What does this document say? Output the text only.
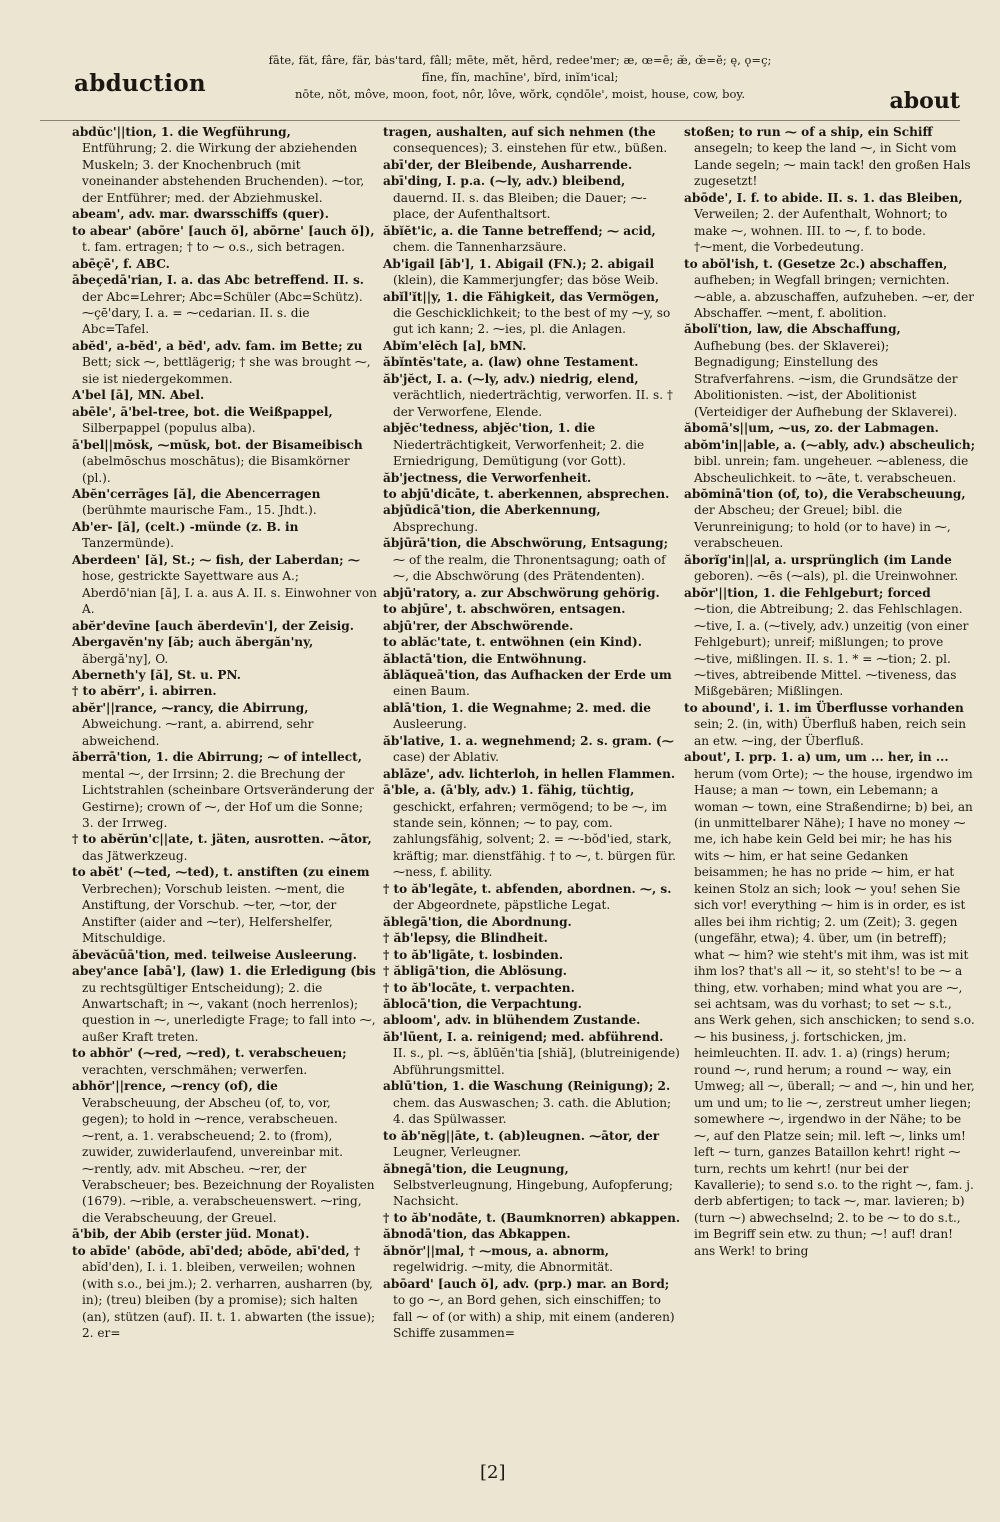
abduction
fāte, făt, fâre, fär, bȧs'tard, fâll; mēte, mĕt, hērd, redee'mer; æ, œ=ē; æ̆, œ̆=ĕ; ę, ǫ=ç;
fīne, fĭn, machīne', bĭrd, inĭm'ical;
nōte, nŏt, môve, moon, foot, nôr, lôve, wŏrk, cǫndōle', moist, house, cow, boy.	about

abdŭc'||tion, 1. die Wegführung, Entführung; 2. die Wirkung der abziehenden Muskeln; 3. der Knochenbruch (mit voneinander abstehenden Bruchenden). ⁓tor, der Entführer; med. der Abziehmuskel.

abeam', adv. mar. dwarsschiffs (quer).

to abear' (abōre' [auch ŏ], abōrne' [auch ŏ]), t. fam. ertragen; † to ⁓ o.s., sich betragen.

abēçē', f. ABC.

ābeçedā'rian, I. a. das Abc betreffend. II. s. der Abc=Lehrer; Abc=Schüler (Abc=Schütz). ⁓çē'dary, I. a. = ⁓cedarian. II. s. die Abc=Tafel.

abĕd', a-bĕd', a bĕd', adv. fam. im Bette; zu Bett; sick ⁓, bettlägerig; † she was brought ⁓, sie ist niedergekommen.

A'bel [ā], MN. Abel.

abēle', ā'bel-tree, bot. die Weißpappel, Silberpappel (populus alba).

ā'bel||mŏsk, ⁓mŭsk, bot. der Bisameibisch (abelmōschus moschātus); die Bisamkörner (pl.).

Abĕn'cerrāges [ă], die Abencerragen (berühmte maurische Fam., 15. Jhdt.).

Ab'er- [ă], (celt.) -münde (z. B. in Tanzermünde).

Aberdeen' [ă], St.; ⁓ fish, der Laberdan; ⁓ hose, gestrickte Sayettware aus A.; Aberdō'nian [ă], I. a. aus A. II. s. Einwohner von A.

abĕr'devīne [auch ăberdevīn'], der Zeisig.

Abergavĕn'ny [ăb; auch ăbergăn'ny, ăbergă'ny], O.

Aberneth'y [ă], St. u. PN.

† to abĕrr', i. abirren.

abĕr'||rance, ⁓rancy, die Abirrung, Abweichung. ⁓rant, a. abirrend, sehr abweichend.

ăberrā'tion, 1. die Abirrung; ⁓ of intellect, mental ⁓, der Irrsinn; 2. die Brechung der Lichtstrahlen (scheinbare Ortsveränderung der Gestirne); crown of ⁓, der Hof um die Sonne; 3. der Irrweg.

† to abĕrŭn'c||ate, t. jäten, ausrotten. ⁓ātor, das Jätwerkzeug.

to abĕt' (⁓ted, ⁓ted), t. anstiften (zu einem Verbrechen); Vorschub leisten. ⁓ment, die Anstiftung, der Vorschub. ⁓ter, ⁓tor, der Anstifter (aider and ⁓ter), Helfershelfer, Mitschuldige.

ăbevăcūā'tion, med. teilweise Ausleerung.

abey'ance [abā'], (law) 1. die Erledigung (bis zu rechtsgültiger Entscheidung); 2. die Anwartschaft; in ⁓, vakant (noch herrenlos); question in ⁓, unerledigte Frage; to fall into ⁓, außer Kraft treten.

to abhŏr' (⁓red, ⁓red), t. verabscheuen; verachten, verschmähen; verwerfen.

abhŏr'||rence, ⁓rency (of), die Verabscheuung, der Abscheu (of, to, vor, gegen); to hold in ⁓rence, verabscheuen. ⁓rent, a. 1. verabscheuend; 2. to (from), zuwider, zuwiderlaufend, unvereinbar mit. ⁓rently, adv. mit Abscheu. ⁓rer, der Verabscheuer; bes. Bezeichnung der Royalisten (1679). ⁓rible, a. verabscheuenswert. ⁓ring, die Verabscheuung, der Greuel.

ā'bib, der Abib (erster jüd. Monat).

to abīde' (abōde, abī'ded; abōde, abī'ded, † abĭd'den), I. i. 1. bleiben, verweilen; wohnen (with s.o., bei jm.); 2. verharren, ausharren (by, in); (treu) bleiben (by a promise); sich halten (an), stützen (auf). II. t. 1. abwarten (the issue); 2. er=

tragen, aushalten, auf sich nehmen (the consequences); 3. einstehen für etw., büßen.

abī'der, der Bleibende, Ausharrende.

abī'ding, I. p.a. (⁓ly, adv.) bleibend, dauernd. II. s. das Bleiben; die Dauer; ⁓-place, der Aufenthaltsort.

ăbĭĕt'ic, a. die Tanne betreffend; ⁓ acid, chem. die Tannenharzsäure.

Ab'igail [ăb'], 1. Abigail (FN.); 2. abigail (klein), die Kammerjungfer; das böse Weib.

abĭl'ĭt||y, 1. die Fähigkeit, das Vermögen, die Geschicklichkeit; to the best of my ⁓y, so gut ich kann; 2. ⁓ies, pl. die Anlagen.

Abĭm'elĕch [a], bMN.

ăbĭntĕs'tate, a. (law) ohne Testament.

ăb'jĕct, I. a. (⁓ly, adv.) niedrig, elend, verächtlich, niederträchtig, verworfen. II. s. † der Verworfene, Elende.

abjĕc'tedness, abjĕc'tion, 1. die Niederträchtigkeit, Verworfenheit; 2. die Erniedrigung, Demütigung (vor Gott).

ăb'jectness, die Verworfenheit.

to abjū'dicāte, t. aberkennen, absprechen.

abjūdicā'tion, die Aberkennung, Absprechung.

ăbjūrā'tion, die Abschwörung, Entsagung; ⁓ of the realm, die Thronentsagung; oath of ⁓, die Abschwörung (des Prätendenten).

abjū'ratory, a. zur Abschwörung gehörig.

to abjūre', t. abschwören, entsagen.

abjū'rer, der Abschwörende.

to ablăc'tate, t. entwöhnen (ein Kind).

ăblactā'tion, die Entwöhnung.

ăblăqueā'tion, das Aufhacken der Erde um einen Baum.

ablā'tion, 1. die Wegnahme; 2. med. die Ausleerung.

ăb'lative, 1. a. wegnehmend; 2. s. gram. (⁓ case) der Ablativ.

ablāze', adv. lichterloh, in hellen Flammen.

ā'ble, a. (ā'bly, adv.) 1. fähig, tüchtig, geschickt, erfahren; vermögend; to be ⁓, im stande sein, können; ⁓ to pay, com. zahlungsfähig, solvent; 2. = ⁓-bŏd'ied, stark, kräftig; mar. dienstfähig. † to ⁓, t. bürgen für. ⁓ness, f. ability.

† to ăb'legāte, t. abfenden, abordnen. ⁓, s. der Abgeordnete, päpstliche Legat.

ăblegā'tion, die Abordnung.

† ăb'lepsy, die Blindheit.

† to ăb'ligāte, t. losbinden.

† ăbligā'tion, die Ablösung.

† to ăb'locāte, t. verpachten.

ăblocā'tion, die Verpachtung.

abloom', adv. in blühendem Zustande.

ăb'lūent, I. a. reinigend; med. abführend. II. s., pl. ⁓s, ăblūĕn'tia [shiă], (blutreinigende) Abführungsmittel.

ablū'tion, 1. die Waschung (Reinigung); 2. chem. das Auswaschen; 3. cath. die Ablution; 4. das Spülwasser.

to ăb'nĕg||āte, t. (ab)leugnen. ⁓ātor, der Leugner, Verleugner.

ăbnegā'tion, die Leugnung, Selbstverleugnung, Hingebung, Aufopferung; Nachsicht.

† to ăb'nodāte, t. (Baumknorren) abkappen.

ăbnodā'tion, das Abkappen.

ăbnŏr'||mal, † ⁓mous, a. abnorm, regelwidrig. ⁓mity, die Abnormität.

abōard' [auch ŏ], adv. (prp.) mar. an Bord; to go ⁓, an Bord gehen, sich einschiffen; to fall ⁓ of (or with) a ship, mit einem (anderen) Schiffe zusammen=

stoßen; to run ⁓ of a ship, ein Schiff ansegeln; to keep the land ⁓, in Sicht vom Lande segeln; ⁓ main tack! den großen Hals zugesetzt!

abōde', I. f. to abide. II. s. 1. das Bleiben, Verweilen; 2. der Aufenthalt, Wohnort; to make ⁓, wohnen. III. to ⁓, f. to bode. †⁓ment, die Vorbedeutung.

to abŏl'ish, t. (Gesetze 2c.) abschaffen, aufheben; in Wegfall bringen; vernichten. ⁓able, a. abzuschaffen, aufzuheben. ⁓er, der Abschaffer. ⁓ment, f. abolition.

ăbolĭ'tion, law, die Abschaffung, Aufhebung (bes. der Sklaverei); Begnadigung; Einstellung des Strafverfahrens. ⁓ism, die Grundsätze der Abolitionisten. ⁓ist, der Abolitionist (Verteidiger der Aufhebung der Sklaverei).

ăbomā's||um, ⁓us, zo. der Labmagen.

abŏm'in||able, a. (⁓ably, adv.) abscheulich; bibl. unrein; fam. ungeheuer. ⁓ableness, die Abscheulichkeit. to ⁓āte, t. verabscheuen.

abŏminā'tion (of, to), die Verabscheuung, der Abscheu; der Greuel; bibl. die Verunreinigung; to hold (or to have) in ⁓, verabscheuen.

ăborĭg'in||al, a. ursprünglich (im Lande geboren). ⁓ēs (⁓als), pl. die Ureinwohner.

abŏr'||tion, 1. die Fehlgeburt; forced ⁓tion, die Abtreibung; 2. das Fehlschlagen. ⁓tive, I. a. (⁓tively, adv.) unzeitig (von einer Fehlgeburt); unreif; mißlungen; to prove ⁓tive, mißlingen. II. s. 1. * = ⁓tion; 2. pl. ⁓tives, abtreibende Mittel. ⁓tiveness, das Mißgebären; Mißlingen.

to abound', i. 1. im Überflusse vorhanden sein; 2. (in, with) Überfluß haben, reich sein an etw. ⁓ing, der Überfluß.

about', I. prp. 1. a) um, um ... her, in ... herum (vom Orte); ⁓ the house, irgendwo im Hause; a man ⁓ town, ein Lebemann; a woman ⁓ town, eine Straßendirne; b) bei, an (in unmittelbarer Nähe); I have no money ⁓ me, ich habe kein Geld bei mir; he has his wits ⁓ him, er hat seine Gedanken beisammen; he has no pride ⁓ him, er hat keinen Stolz an sich; look ⁓ you! sehen Sie sich vor! everything ⁓ him is in order, es ist alles bei ihm richtig; 2. um (Zeit); 3. gegen (ungefähr, etwa); 4. über, um (in betreff); what ⁓ him? wie steht's mit ihm, was ist mit ihm los? that's all ⁓ it, so steht's! to be ⁓ a thing, etw. vorhaben; mind what you are ⁓, sei achtsam, was du vorhast; to set ⁓ s.t., ans Werk gehen, sich anschicken; to send s.o. ⁓ his business, j. fortschicken, jm. heimleuchten. II. adv. 1. a) (rings) herum; round ⁓, rund herum; a round ⁓ way, ein Umweg; all ⁓, überall; ⁓ and ⁓, hin und her, um und um; to lie ⁓, zerstreut umher liegen; somewhere ⁓, irgendwo in der Nähe; to be ⁓, auf den Platze sein; mil. left ⁓, links um! left ⁓ turn, ganzes Bataillon kehrt! right ⁓ turn, rechts um kehrt! (nur bei der Kavallerie); to send s.o. to the right ⁓, fam. j. derb abfertigen; to tack ⁓, mar. lavieren; b) (turn ⁓) abwechselnd; 2. to be ⁓ to do s.t., im Begriff sein etw. zu thun; ⁓! auf! dran! ans Werk! to bring

[2]
